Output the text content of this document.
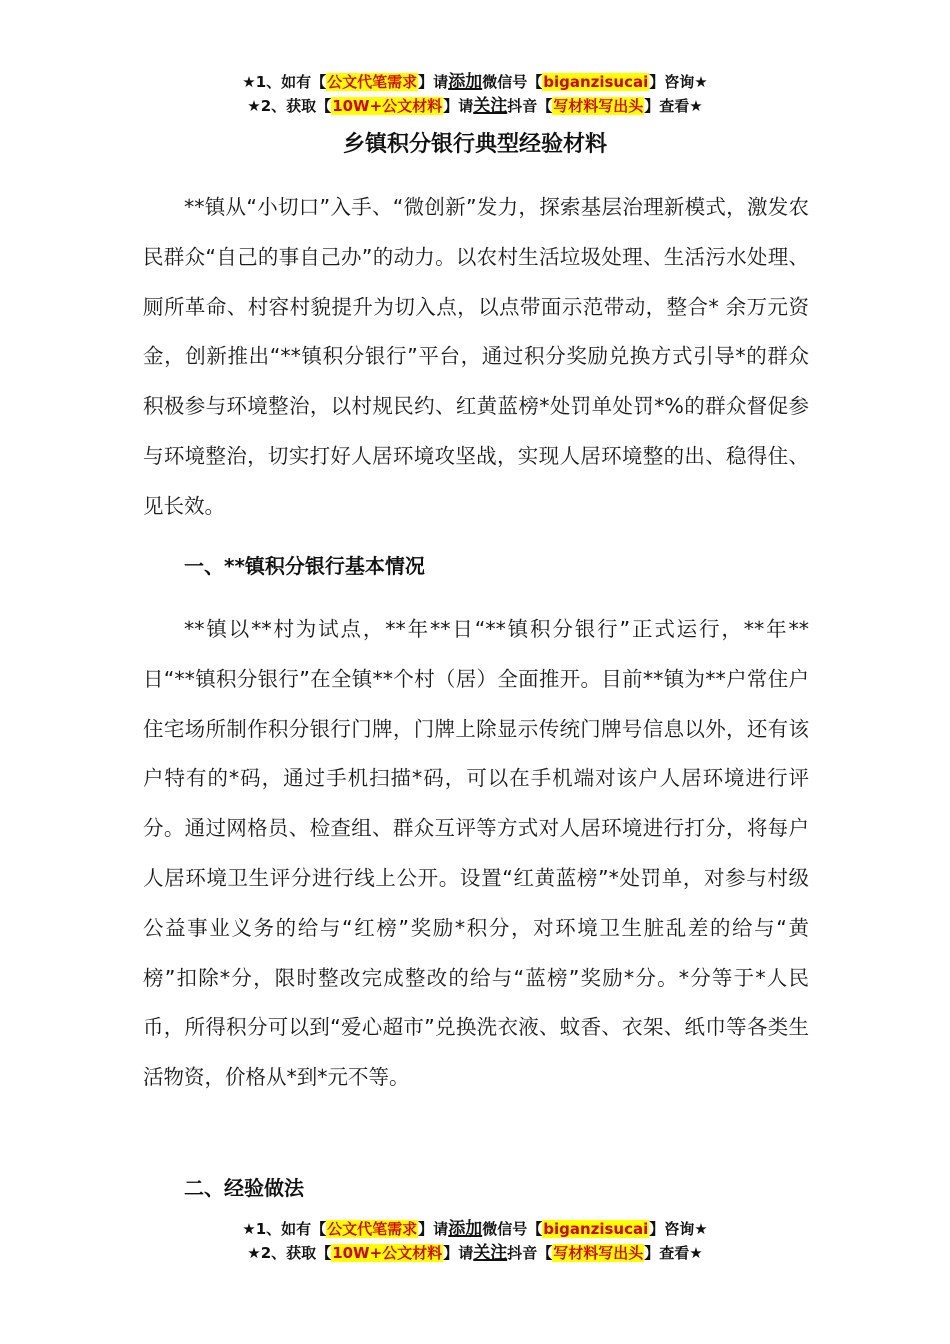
★1、如有【公文代笔需求】请添加微信号【biganzisucai】咨询★
★2、获取【10W+公文材料】请关注抖音【写材料写出头】查看★
乡镇积分银行典型经验材料

**镇从“小切口”入手、“微创新”发力，探索基层治理新模式，激发农民群众“自己的事自己办”的动力。以农村生活垃圾处理、生活污水处理、厕所革命、村容村貌提升为切入点，以点带面示范带动，整合* 余万元资金，创新推出“**镇积分银行”平台，通过积分奖励兑换方式引导*的群众积极参与环境整治，以村规民约、红黄蓝榜*处罚单处罚*%的群众督促参与环境整治，切实打好人居环境攻坚战，实现人居环境整的出、稳得住、见长效。

一、**镇积分银行基本情况

**镇以**村为试点，**年**日“**镇积分银行”正式运行，**年**日“**镇积分银行”在全镇**个村（居）全面推开。目前**镇为**户常住户住宅场所制作积分银行门牌，门牌上除显示传统门牌号信息以外，还有该户特有的*码，通过手机扫描*码，可以在手机端对该户人居环境进行评分。通过网格员、检查组、群众互评等方式对人居环境进行打分，将每户人居环境卫生评分进行线上公开。设置“红黄蓝榜”*处罚单，对参与村级公益事业义务的给与“红榜”奖励*积分，对环境卫生脏乱差的给与“黄榜”扣除*分，限时整改完成整改的给与“蓝榜”奖励*分。*分等于*人民币，所得积分可以到“爱心超市”兑换洗衣液、蚊香、衣架、纸巾等各类生活物资，价格从*到*元不等。

二、经验做法
★1、如有【公文代笔需求】请添加微信号【biganzisucai】咨询★
★2、获取【10W+公文材料】请关注抖音【写材料写出头】查看★
